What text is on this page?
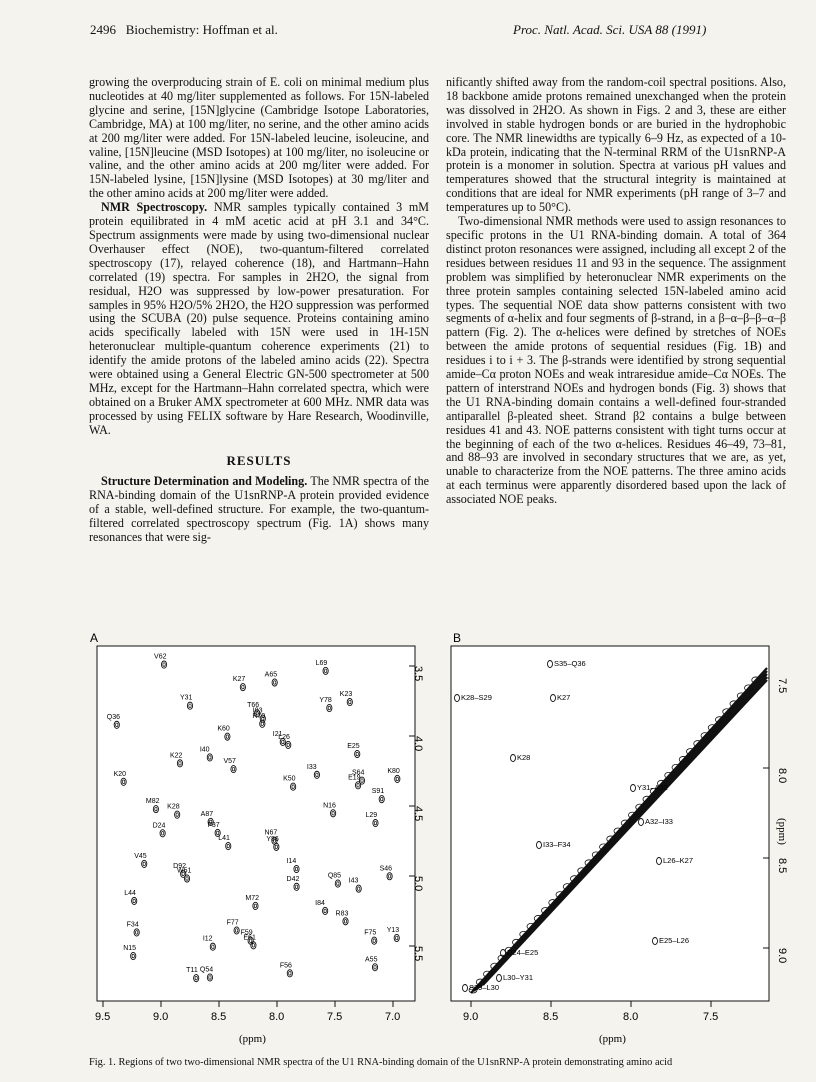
2496 Biochemistry: Hoffman et al.	Proc. Natl. Acad. Sci. USA 88 (1991)

growing the overproducing strain of E. coli on minimal medium plus nucleotides at 40 mg/liter supplemented as follows. For 15N-labeled glycine and serine, [15N]glycine (Cambridge Isotope Laboratories, Cambridge, MA) at 100 mg/liter, no serine, and the other amino acids at 200 mg/liter were added. For 15N-labeled leucine, isoleucine, and valine, [15N]leucine (MSD Isotopes) at 100 mg/liter, no isoleucine or valine, and the other amino acids at 200 mg/liter were added. For 15N-labeled lysine, [15N]lysine (MSD Isotopes) at 30 mg/liter and the other amino acids at 200 mg/liter were added.

NMR Spectroscopy. NMR samples typically contained 3 mM protein equilibrated in 4 mM acetic acid at pH 3.1 and 34°C. Spectrum assignments were made by using two-dimensional nuclear Overhauser effect (NOE), two-quantum-filtered correlated spectroscopy (17), relayed coherence (18), and Hartmann–Hahn correlated (19) spectra. For samples in 2H2O, the signal from residual, H2O was suppressed by low-power presaturation. For samples in 95% H2O/5% 2H2O, the H2O suppression was performed using the SCUBA (20) pulse sequence. Proteins containing amino acids specifically labeled with 15N were used in 1H-15N heteronuclear multiple-quantum coherence experiments (21) to identify the amide protons of the labeled amino acids (22). Spectra were obtained using a General Electric GN-500 spectrometer at 500 MHz, except for the Hartmann–Hahn correlated spectra, which were obtained on a Bruker AMX spectrometer at 600 MHz. NMR data was processed by using FELIX software by Hare Research, Woodinville, WA.

RESULTS

Structure Determination and Modeling. The NMR spectra of the RNA-binding domain of the U1snRNP-A protein provided evidence of a stable, well-defined structure. For example, the two-quantum-filtered correlated spectroscopy spectrum (Fig. 1A) shows many resonances that were sig-

nificantly shifted away from the random-coil spectral positions. Also, 18 backbone amide protons remained unexchanged when the protein was dissolved in 2H2O. As shown in Figs. 2 and 3, these are either involved in stable hydrogen bonds or are buried in the hydrophobic core. The NMR linewidths are typically 6–9 Hz, as expected of a 10-kDa protein, indicating that the N-terminal RRM of the U1snRNP-A protein is a monomer in solution. Spectra at various pH values and temperatures showed that the structural integrity is maintained at conditions that are ideal for NMR experiments (pH range of 3–7 and temperatures up to 50°C).

Two-dimensional NMR methods were used to assign resonances to specific protons in the U1 RNA-binding domain. A total of 364 distinct proton resonances were assigned, including all except 2 of the residues between residues 11 and 93 in the sequence. The assignment problem was simplified by heteronuclear NMR experiments on the three protein samples containing selected 15N-labeled amino acid types. The sequential NOE data show patterns consistent with two segments of α-helix and four segments of β-strand, in a β–α–β–β–α–β pattern (Fig. 2). The α-helices were defined by stretches of NOEs between the amide protons of sequential residues (Fig. 1B) and residues i to i + 3. The β-strands were identified by strong sequential amide–Cα proton NOEs and weak intraresidue amide–Cα NOEs. The pattern of interstrand NOEs and hydrogen bonds (Fig. 3) shows that the U1 RNA-binding domain contains a well-defined four-stranded antiparallel β-pleated sheet. Strand β2 contains a bulge between residues 41 and 43. NOE patterns consistent with tight turns occur at the beginning of each of the two α-helices. Residues 46–49, 73–81, and 88–93 are involved in secondary structures that we are, as yet, unable to characterize from the NOE patterns. The three amino acids at each terminus were apparently disordered based upon the lack of associated NOE peaks.

A
(ppm)
9.5	9.0	8.5	8.0	7.5	7.0
3.5
4.0
4.5
5.0
5.5
V62
L69
A65
K27
Y31
K23
Y78
T66
I93
R70
Q36
I21
L26
K60
E25
I40
V57
K22
K80
I33
S64
E19
K20
K50
S91
K28	N16
M82
L29
D24
A87
N67
F37
L41	Y86
V45
I14
S46
D92
W51
Q85
I43
D42
L44
M72
R83
I84
F34	F77
Y13
F75
F59
I12	E61
N15
A55
T11 Q54
F56
B
(ppm)
(ppm)
9.0	8.5	8.0	7.5
7.5
8.0
8.5
9.0
S35–Q36
K28–S29	K27
K28
Y31–A32
A32–I33
I33–F34
L26–K27
E25–L26
D24–E25
L30–Y31
S29–L30

Fig. 1. Regions of two two-dimensional NMR spectra of the U1 RNA-binding domain of the U1snRNP-A protein demonstrating amino acid
